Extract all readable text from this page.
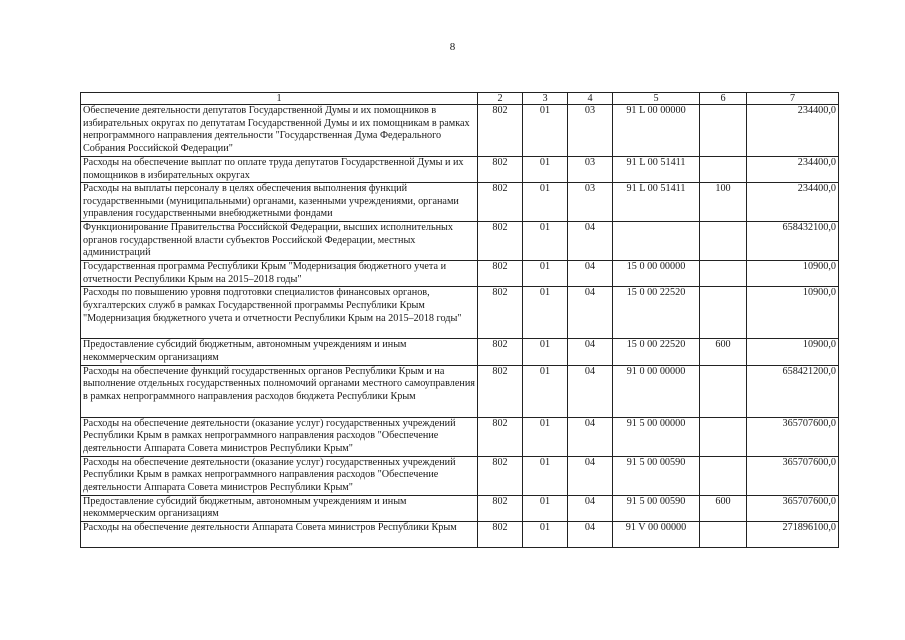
8
1	2	3	4	5	6	7
Обеспечение деятельности депутатов Государственной Думы и их помощников в избирательных округах по депутатам Государственной Думы и их помощникам в рамках непрограммного направления деятельности "Государственная Дума Федерального Собрания Российской Федерации"	802	01	03	91 L 00 00000		234400,0
Расходы на обеспечение выплат по оплате труда депутатов Государственной Думы и их помощников в избирательных округах	802	01	03	91 L 00 51411		234400,0
Расходы на выплаты персоналу в целях обеспечения выполнения функций государственными (муниципальными) органами, казенными учреждениями, органами управления государственными внебюджетными фондами	802	01	03	91 L 00 51411	100	234400,0
Функционирование Правительства Российской Федерации, высших исполнительных органов государственной власти субъектов Российской Федерации, местных администраций	802	01	04			658432100,0
Государственная программа Республики Крым "Модернизация бюджетного учета и отчетности Республики Крым на 2015–2018 годы"	802	01	04	15 0 00 00000		10900,0
Расходы по повышению уровня подготовки специалистов финансовых органов, бухгалтерских служб в рамках Государственной программы Республики Крым "Модернизация бюджетного учета и отчетности Республики Крым на 2015–2018 годы"	802	01	04	15 0 00 22520		10900,0
Предоставление субсидий бюджетным, автономным учреждениям и иным некоммерческим организациям	802	01	04	15 0 00 22520	600	10900,0
Расходы на обеспечение функций государственных органов Республики Крым и на выполнение отдельных государственных полномочий органами местного самоуправления в рамках непрограммного направления расходов бюджета Республики Крым	802	01	04	91 0 00 00000		658421200,0
Расходы на обеспечение деятельности (оказание услуг) государственных учреждений Республики Крым в рамках непрограммного направления расходов "Обеспечение деятельности Аппарата Совета министров Республики Крым"	802	01	04	91 5 00 00000		365707600,0
Расходы на обеспечение деятельности (оказание услуг) государственных учреждений Республики Крым в рамках непрограммного направления расходов "Обеспечение деятельности Аппарата Совета министров Республики Крым"	802	01	04	91 5 00 00590		365707600,0
Предоставление субсидий бюджетным, автономным учреждениям и иным некоммерческим организациям	802	01	04	91 5 00 00590	600	365707600,0
Расходы на обеспечение деятельности Аппарата Совета министров Республики Крым	802	01	04	91 V 00 00000		271896100,0
